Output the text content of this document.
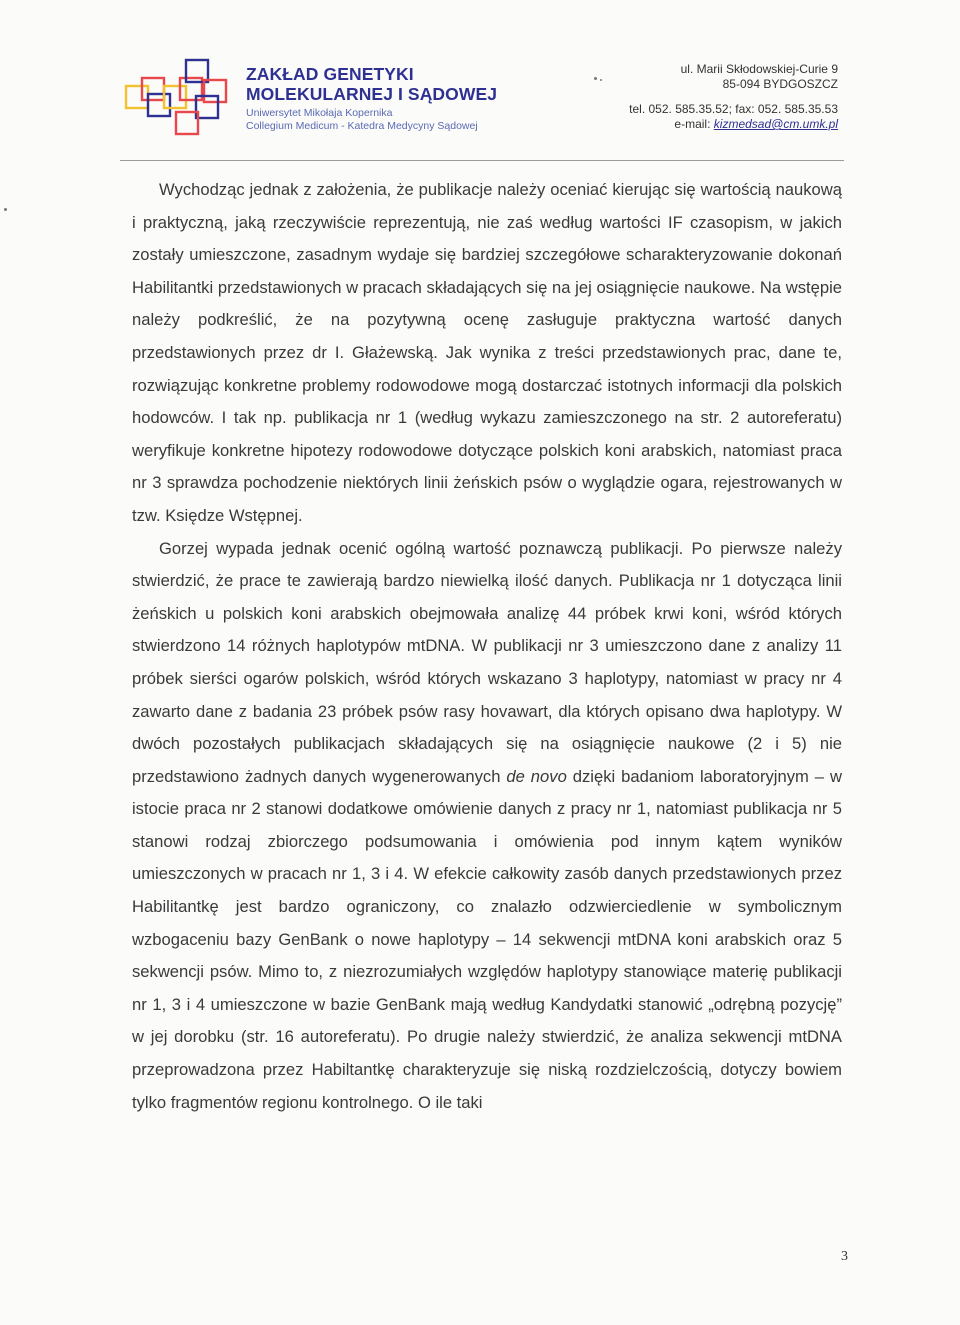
ZAKŁAD GENETYKI
MOLEKULARNEJ I SĄDOWEJ
Uniwersytet Mikołaja Kopernika
Collegium Medicum - Katedra Medycyny Sądowej
ul. Marii Skłodowskiej-Curie 9
85-094 BYDGOSZCZ
tel. 052. 585.35.52; fax: 052. 585.35.53
e-mail: kizmedsad@cm.umk.pl

Wychodząc jednak z założenia, że publikacje należy oceniać kierując się wartością naukową i praktyczną, jaką rzeczywiście reprezentują, nie zaś według wartości IF czasopism, w jakich zostały umieszczone, zasadnym wydaje się bardziej szczegółowe scharakteryzowanie dokonań Habilitantki przedstawionych w pracach składających się na jej osiągnięcie naukowe. Na wstępie należy podkreślić, że na pozytywną ocenę zasługuje praktyczna wartość danych przedstawionych przez dr I. Głażewską. Jak wynika z treści przedstawionych prac, dane te, rozwiązując konkretne problemy rodowodowe mogą dostarczać istotnych informacji dla polskich hodowców. I tak np. publikacja nr 1 (według wykazu zamieszczonego na str. 2 autoreferatu) weryfikuje konkretne hipotezy rodowodowe dotyczące polskich koni arabskich, natomiast praca nr 3 sprawdza pochodzenie niektórych linii żeńskich psów o wyglądzie ogara, rejestrowanych w tzw. Księdze Wstępnej.

Gorzej wypada jednak ocenić ogólną wartość poznawczą publikacji. Po pierwsze należy stwierdzić, że prace te zawierają bardzo niewielką ilość danych. Publikacja nr 1 dotycząca linii żeńskich u polskich koni arabskich obejmowała analizę 44 próbek krwi koni, wśród których stwierdzono 14 różnych haplotypów mtDNA. W publikacji nr 3 umieszczono dane z analizy 11 próbek sierści ogarów polskich, wśród których wskazano 3 haplotypy, natomiast w pracy nr 4 zawarto dane z badania 23 próbek psów rasy hovawart, dla których opisano dwa haplotypy. W dwóch pozostałych publikacjach składających się na osiągnięcie naukowe (2 i 5) nie przedstawiono żadnych danych wygenerowanych de novo dzięki badaniom laboratoryjnym – w istocie praca nr 2 stanowi dodatkowe omówienie danych z pracy nr 1, natomiast publikacja nr 5 stanowi rodzaj zbiorczego podsumowania i omówienia pod innym kątem wyników umieszczonych w pracach nr 1, 3 i 4. W efekcie całkowity zasób danych przedstawionych przez Habilitantkę jest bardzo ograniczony, co znalazło odzwierciedlenie w symbolicznym wzbogaceniu bazy GenBank o nowe haplotypy – 14 sekwencji mtDNA koni arabskich oraz 5 sekwencji psów. Mimo to, z niezrozumiałych względów haplotypy stanowiące materię publikacji nr 1, 3 i 4 umieszczone w bazie GenBank mają według Kandydatki stanowić „odrębną pozycję” w jej dorobku (str. 16 autoreferatu). Po drugie należy stwierdzić, że analiza sekwencji mtDNA przeprowadzona przez Habiltantkę charakteryzuje się niską rozdzielczością, dotyczy bowiem tylko fragmentów regionu kontrolnego. O ile taki

3
